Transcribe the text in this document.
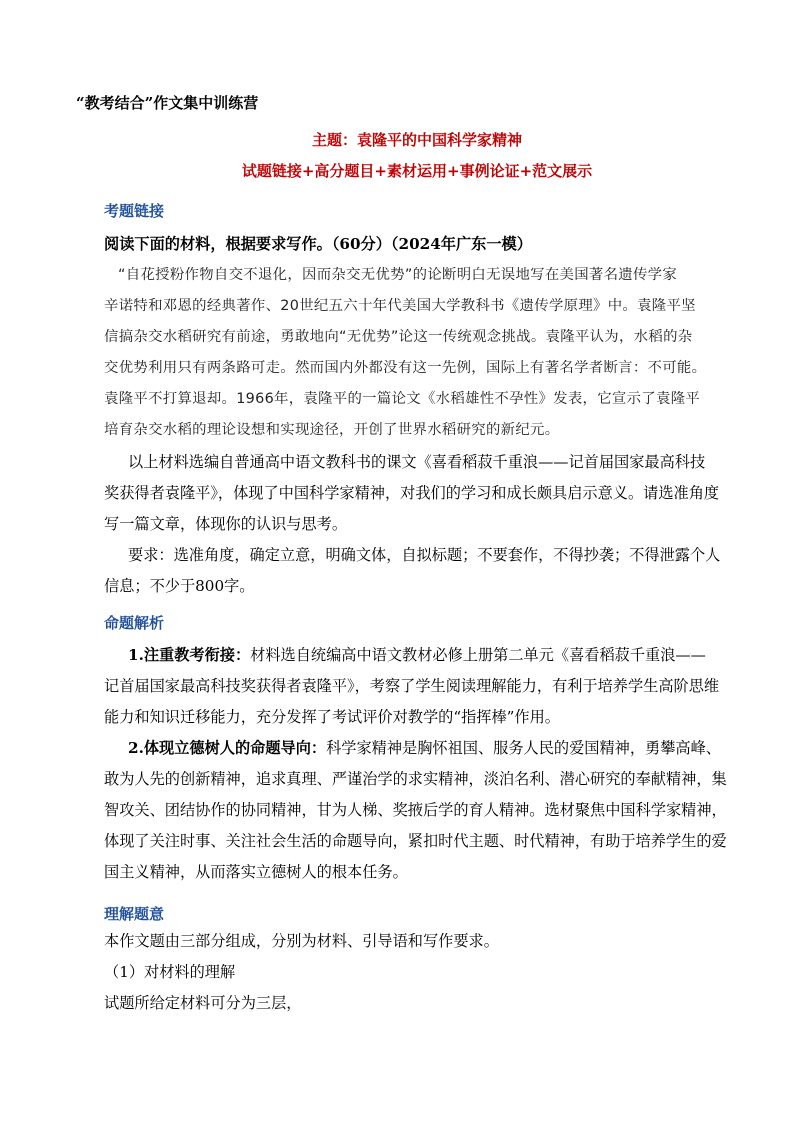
“教考结合”作文集中训练营
主题：袁隆平的中国科学家精神
试题链接+高分题目+素材运用+事例论证+范文展示
考题链接
阅读下面的材料，根据要求写作。（60分）（2024年广东一模）
“自花授粉作物自交不退化，因而杂交无优势”的论断明白无误地写在美国著名遗传学家
辛诺特和邓恩的经典著作、20世纪五六十年代美国大学教科书《遗传学原理》中。袁隆平坚
信搞杂交水稻研究有前途，勇敢地向“无优势”论这一传统观念挑战。袁隆平认为，水稻的杂
交优势利用只有两条路可走。然而国内外都没有这一先例，国际上有著名学者断言：不可能。
袁隆平不打算退却。1966年，袁隆平的一篇论文《水稻雄性不孕性》发表，它宣示了袁隆平
培育杂交水稻的理论设想和实现途径，开创了世界水稻研究的新纪元。
以上材料选编自普通高中语文教科书的课文《喜看稻菽千重浪——记首届国家最高科技
奖获得者袁隆平》，体现了中国科学家精神，对我们的学习和成长颇具启示意义。请选准角度
写一篇文章，体现你的认识与思考。
要求：选准角度，确定立意，明确文体，自拟标题；不要套作，不得抄袭；不得泄露个人
信息；不少于800字。
命题解析
1.注重教考衔接：材料选自统编高中语文教材必修上册第二单元《喜看稻菽千重浪——
记首届国家最高科技奖获得者袁隆平》，考察了学生阅读理解能力，有利于培养学生高阶思维
能力和知识迁移能力，充分发挥了考试评价对教学的“指挥棒”作用。
2.体现立德树人的命题导向：科学家精神是胸怀祖国、服务人民的爱国精神，勇攀高峰、
敢为人先的创新精神，追求真理、严谨治学的求实精神，淡泊名利、潜心研究的奉献精神，集
智攻关、团结协作的协同精神，甘为人梯、奖掖后学的育人精神。选材聚焦中国科学家精神，
体现了关注时事、关注社会生活的命题导向，紧扣时代主题、时代精神，有助于培养学生的爱
国主义精神，从而落实立德树人的根本任务。
理解题意
本作文题由三部分组成，分别为材料、引导语和写作要求。
（1）对材料的理解
试题所给定材料可分为三层，
